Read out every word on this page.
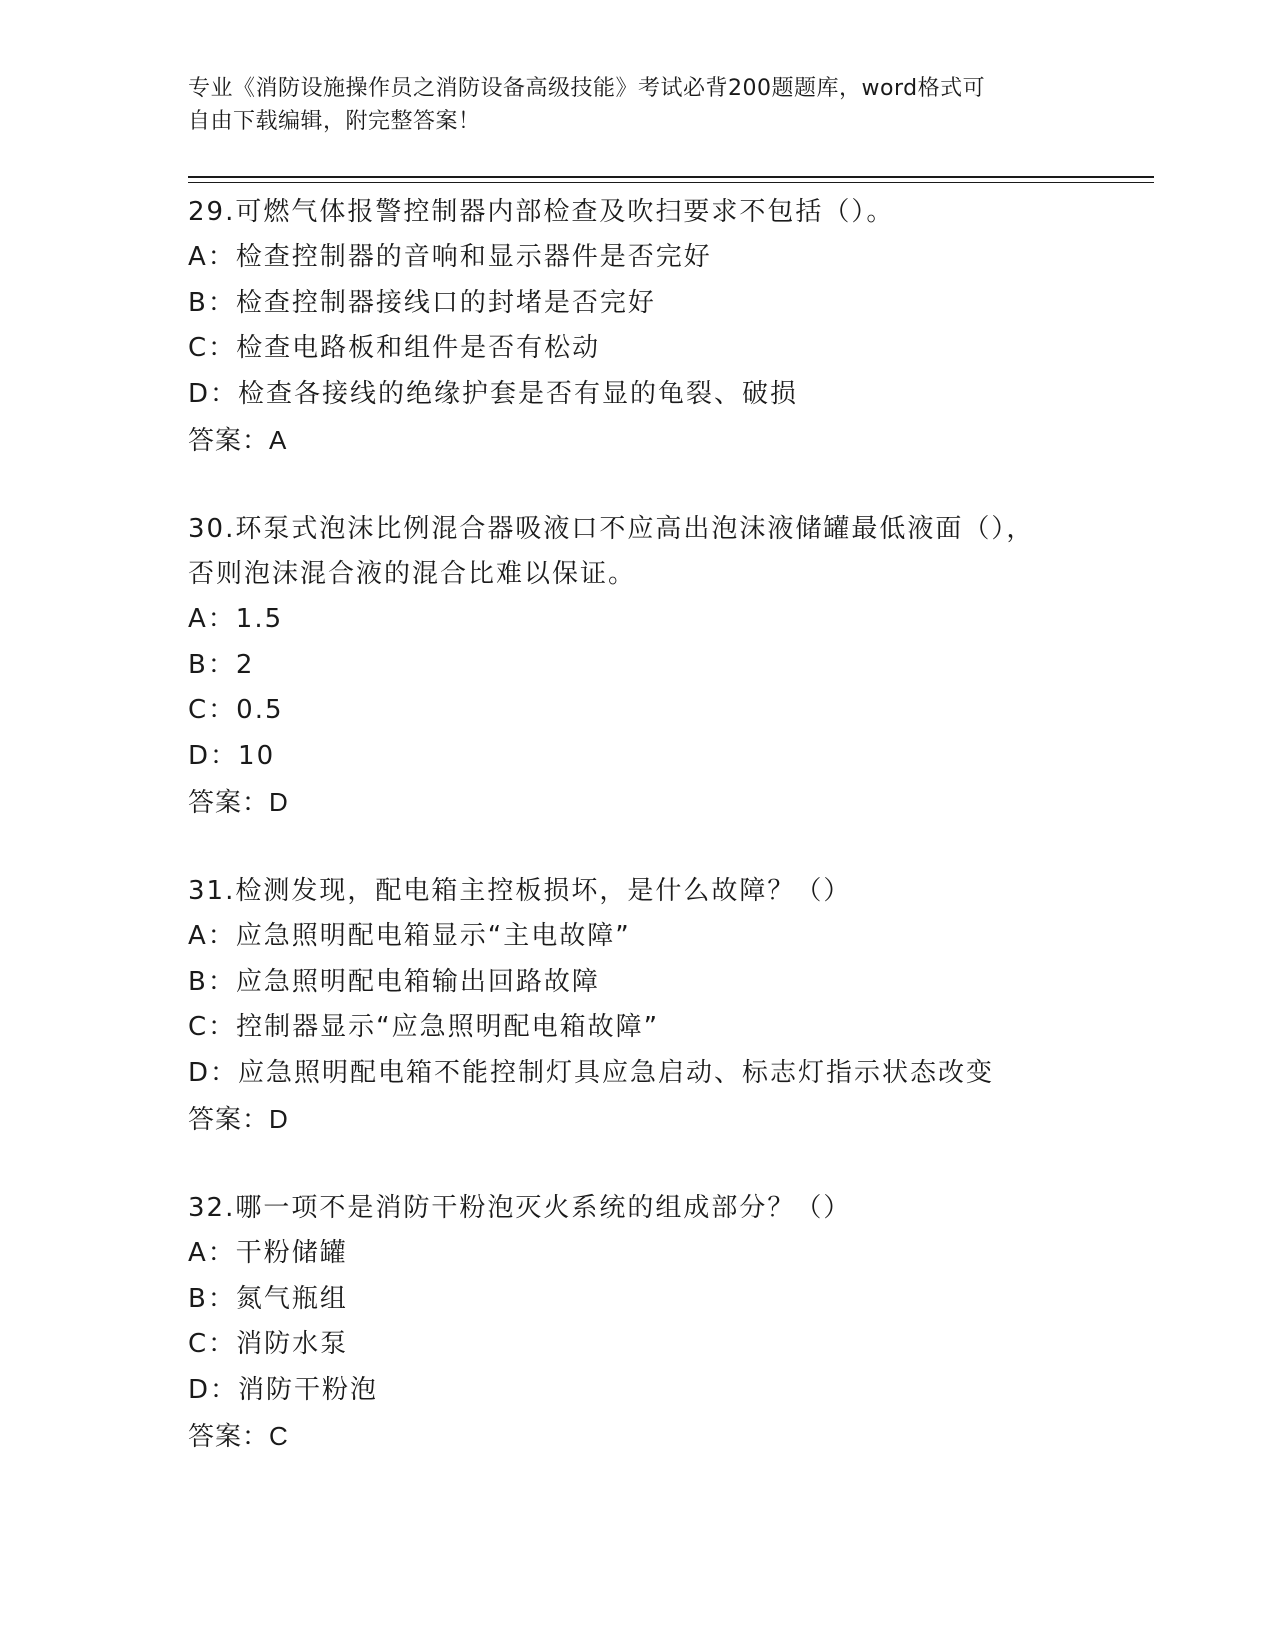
专业《消防设施操作员之消防设备高级技能》考试必背200题题库，word格式可
自由下载编辑，附完整答案！
29.可燃气体报警控制器内部检查及吹扫要求不包括（）。
A：检查控制器的音响和显示器件是否完好
B：检查控制器接线口的封堵是否完好
C：检查电路板和组件是否有松动
D：检查各接线的绝缘护套是否有显的龟裂、破损
答案：A
30.环泵式泡沫比例混合器吸液口不应高出泡沫液储罐最低液面（），
否则泡沫混合液的混合比难以保证。
A：1.5
B：2
C：0.5
D：10
答案：D
31.检测发现，配电箱主控板损坏，是什么故障？（）
A：应急照明配电箱显示“主电故障”
B：应急照明配电箱输出回路故障
C：控制器显示“应急照明配电箱故障”
D：应急照明配电箱不能控制灯具应急启动、标志灯指示状态改变
答案：D
32.哪一项不是消防干粉泡灭火系统的组成部分？（）
A：干粉储罐
B：氮气瓶组
C：消防水泵
D：消防干粉泡
答案：C
